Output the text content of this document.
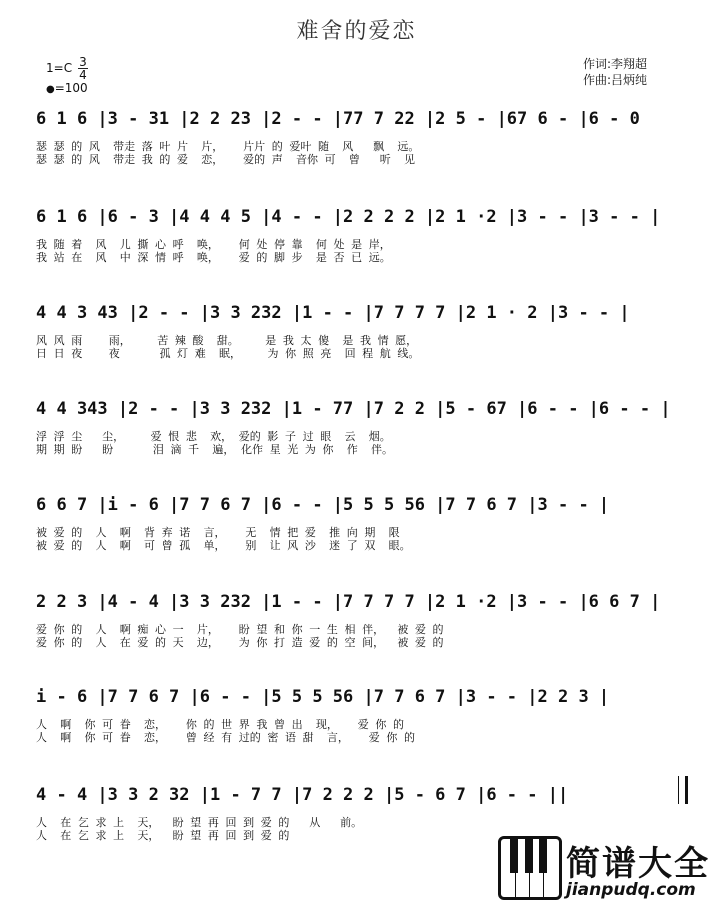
难舍的爱恋
$1=C \frac{3}{4}$
●=100
作词:李翔超
作曲:吕炳纯
6 1 6 |3 - 31 |2 2 23 |2 - - |77 7 22 |2 5 - |67 6 - |6 - 0
瑟 瑟 的 风  带走 落 叶 片  片，   片片 的 爱叶 随  风   飘  远。
瑟 瑟 的 风  带走 我 的 爱  恋，   爱的 声  音你 可  曾   听  见
6 1 6 |6 - 3 |4 4 4 5 |4 - - |2 2 2 2 |2 1 ·2 |3 - - |3 - - |
我 随 着  风  儿 撕 心 呼  唤，   何 处 停 靠  何 处 是 岸，
我 站 在  风  中 深 情 呼  唤，   爱 的 脚 步  是 否 已 远。
4 4 3 43 |2 - - |3 3 232 |1 - - |7 7 7 7 |2 1 · 2 |3 - - |
风 风 雨    雨，    苦 辣 酸  甜。    是 我 太 傻  是 我 情 愿，
日 日 夜    夜      孤 灯 难  眠，    为 你 照 亮  回 程 航 线。
4 4 343 |2 - - |3 3 232 |1 - 77 |7 2 2 |5 - 67 |6 - - |6 - - |
浮 浮 尘   尘，    爱 恨 悲  欢， 爱的 影 子 过 眼  云  烟。
期 期 盼   盼      泪 滴 千  遍， 化作 星 光 为 你  作  伴。
6 6 7 |i - 6 |7 7 6 7 |6 - - |5 5 5 56 |7 7 6 7 |3 - - |
被 爱 的  人  啊  背 弃 诺  言，   无  情 把 爱  推 向 期  限
被 爱 的  人  啊  可 曾 孤  单，   别  让 风 沙  迷 了 双  眼。
2 2 3 |4 - 4 |3 3 232 |1 - - |7 7 7 7 |2 1 ·2 |3 - - |6 6 7 |
爱 你 的  人  啊 痴 心 一  片，   盼 望 和 你 一 生 相 伴，  被 爱 的
爱 你 的  人  在 爱 的 天  边，   为 你 打 造 爱 的 空 间，  被 爱 的
i - 6 |7 7 6 7 |6 - - |5 5 5 56 |7 7 6 7 |3 - - |2 2 3 |
人  啊  你 可 眷  恋，   你 的 世 界 我 曾 出  现，   爱 你 的
人  啊  你 可 眷  恋，   曾 经 有 过的 密 语 甜  言，   爱 你 的
4 - 4 |3 3 2 32 |1 - 7 7 |7 2 2 2 |5 - 6 7 |6 - - ||
人  在 乞 求 上  天，  盼 望 再 回 到 爱 的   从   前。
人  在 乞 求 上  天，  盼 望 再 回 到 爱 的
简谱大全
jianpudq.com
